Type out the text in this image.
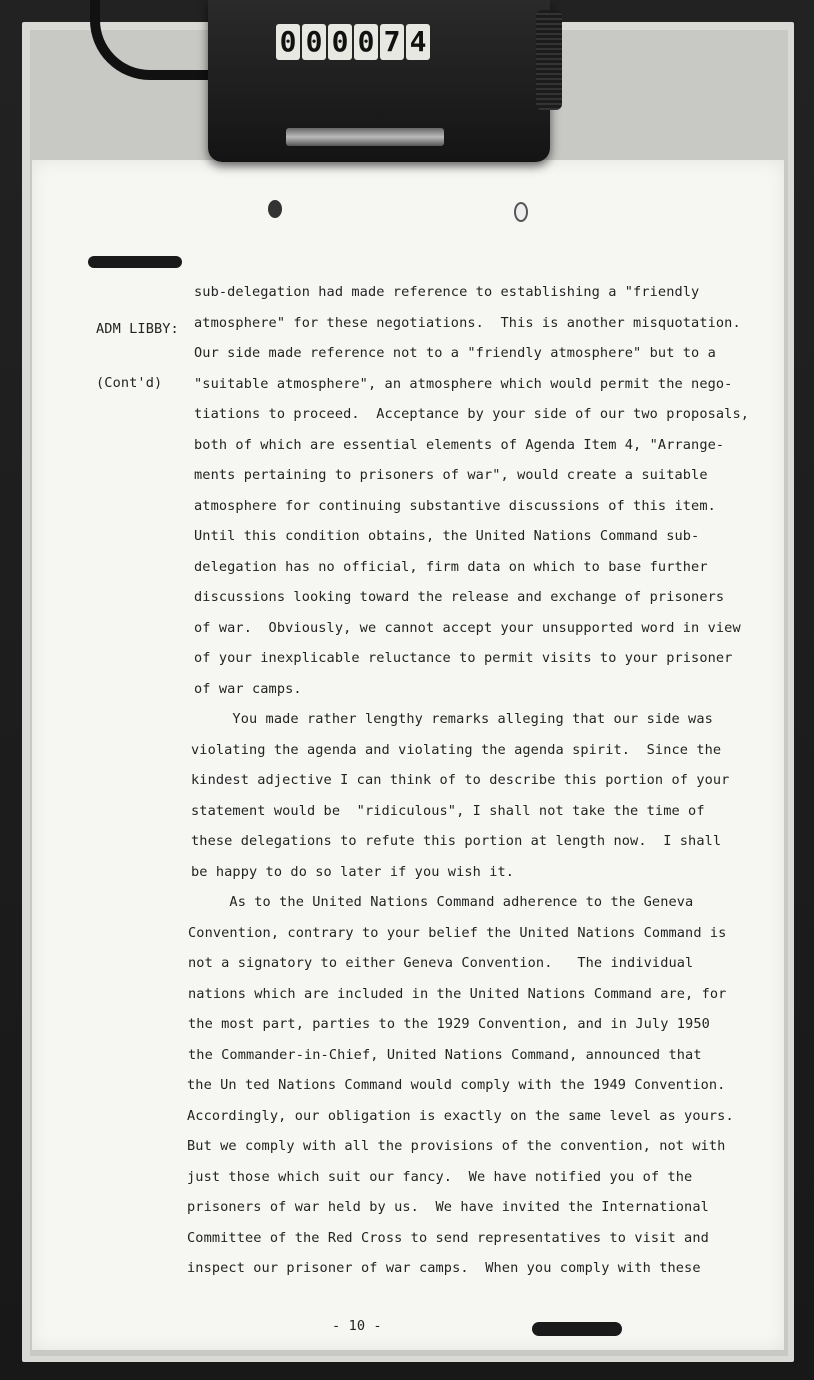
0 0 0 0 7 4

ADM LIBBY:

(Cont'd)

sub-delegation had made reference to establishing a "friendly
atmosphere" for these negotiations.  This is another misquotation.
Our side made reference not to a "friendly atmosphere" but to a
"suitable atmosphere", an atmosphere which would permit the nego-
tiations to proceed.  Acceptance by your side of our two proposals,
both of which are essential elements of Agenda Item 4, "Arrange-
ments pertaining to prisoners of war", would create a suitable
atmosphere for continuing substantive discussions of this item.
Until this condition obtains, the United Nations Command sub-
delegation has no official, firm data on which to base further
discussions looking toward the release and exchange of prisoners
of war.  Obviously, we cannot accept your unsupported word in view
of your inexplicable reluctance to permit visits to your prisoner
of war camps.
You made rather lengthy remarks alleging that our side was
violating the agenda and violating the agenda spirit.  Since the
kindest adjective I can think of to describe this portion of your
statement would be  "ridiculous", I shall not take the time of
these delegations to refute this portion at length now.  I shall
be happy to do so later if you wish it.
As to the United Nations Command adherence to the Geneva
Convention, contrary to your belief the United Nations Command is
not a signatory to either Geneva Convention.   The individual
nations which are included in the United Nations Command are, for
the most part, parties to the 1929 Convention, and in July 1950
the Commander-in-Chief, United Nations Command, announced that
the Un ted Nations Command would comply with the 1949 Convention.
Accordingly, our obligation is exactly on the same level as yours.
But we comply with all the provisions of the convention, not with
just those which suit our fancy.  We have notified you of the
prisoners of war held by us.  We have invited the International
Committee of the Red Cross to send representatives to visit and
inspect our prisoner of war camps.  When you comply with these
- 10 -
